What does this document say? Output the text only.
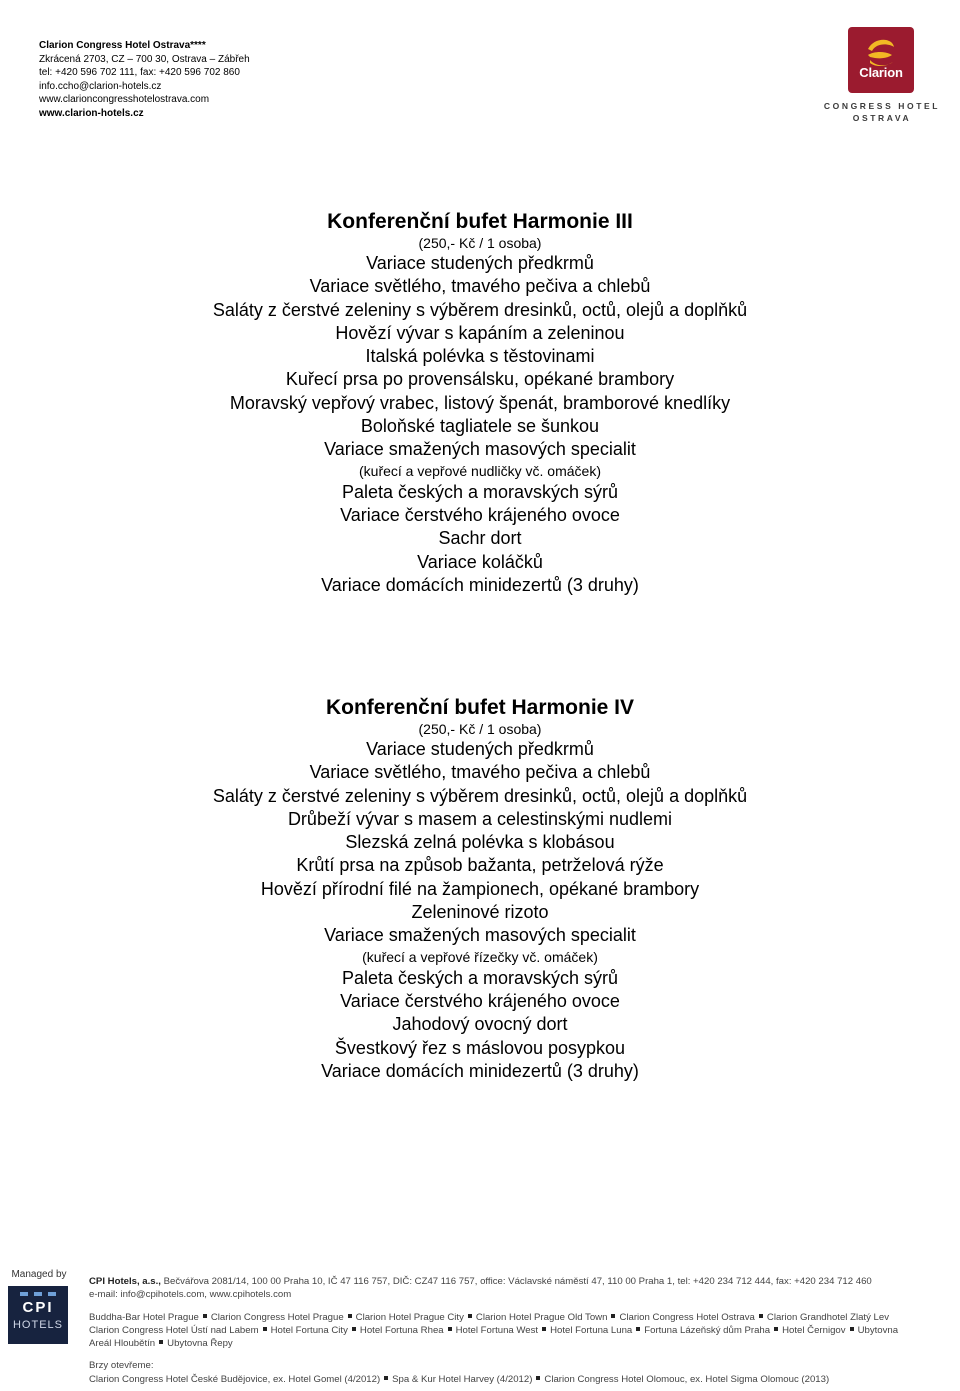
Clarion Congress Hotel Ostrava****
Zkrácená 2703, CZ – 700 30, Ostrava – Zábřeh
tel: +420 596 702 111, fax: +420 596 702 860
info.ccho@clarion-hotels.cz
www.clarioncongresshotelostrava.com
www.clarion-hotels.cz
Clarion
CONGRESS HOTEL
OSTRAVA
Konferenční bufet Harmonie III
(250,- Kč / 1 osoba)
Variace studených předkrmů
Variace světlého, tmavého pečiva a chlebů
Saláty z čerstvé zeleniny s výběrem dresinků, octů, olejů a doplňků
Hovězí vývar s kapáním a zeleninou
Italská polévka s těstovinami
Kuřecí prsa po provensálsku, opékané brambory
Moravský vepřový vrabec, listový špenát, bramborové knedlíky
Boloňské tagliatele se šunkou
Variace smažených masových specialit
(kuřecí a vepřové nudličky vč. omáček)
Paleta českých a moravských sýrů
Variace čerstvého krájeného ovoce
Sachr dort
Variace koláčků
Variace domácích minidezertů (3 druhy)
Konferenční bufet Harmonie IV
(250,- Kč / 1 osoba)
Variace studených předkrmů
Variace světlého, tmavého pečiva a chlebů
Saláty z čerstvé zeleniny s výběrem dresinků, octů, olejů a doplňků
Drůbeží vývar s masem a celestinskými nudlemi
Slezská zelná polévka s klobásou
Krůtí prsa na způsob bažanta, petrželová rýže
Hovězí přírodní filé na žampionech, opékané brambory
Zeleninové rizoto
Variace smažených masových specialit
(kuřecí a vepřové řízečky vč. omáček)
Paleta českých a moravských sýrů
Variace čerstvého krájeného ovoce
Jahodový ovocný dort
Švestkový řez s máslovou posypkou
Variace domácích minidezertů (3 druhy)
Managed by
CPI
HOTELS
CPI Hotels, a.s., Bečvářova 2081/14, 100 00 Praha 10, IČ 47 116 757, DIČ: CZ47 116 757, office: Václavské náměstí 47, 110 00 Praha 1, tel: +420 234 712 444, fax: +420 234 712 460
e-mail: info@cpihotels.com, www.cpihotels.com
Buddha-Bar Hotel Prague Clarion Congress Hotel Prague Clarion Hotel Prague City Clarion Hotel Prague Old Town Clarion Congress Hotel Ostrava Clarion Grandhotel Zlatý Lev
Clarion Congress Hotel Ústí nad Labem Hotel Fortuna City Hotel Fortuna Rhea Hotel Fortuna West Hotel Fortuna Luna Fortuna Lázeňský dům Praha Hotel Černigov Ubytovna
Areál Hloubětín Ubytovna Řepy
Brzy otevřeme:
Clarion Congress Hotel České Budějovice, ex. Hotel Gomel (4/2012) Spa & Kur Hotel Harvey (4/2012) Clarion Congress Hotel Olomouc, ex. Hotel Sigma Olomouc (2013)
